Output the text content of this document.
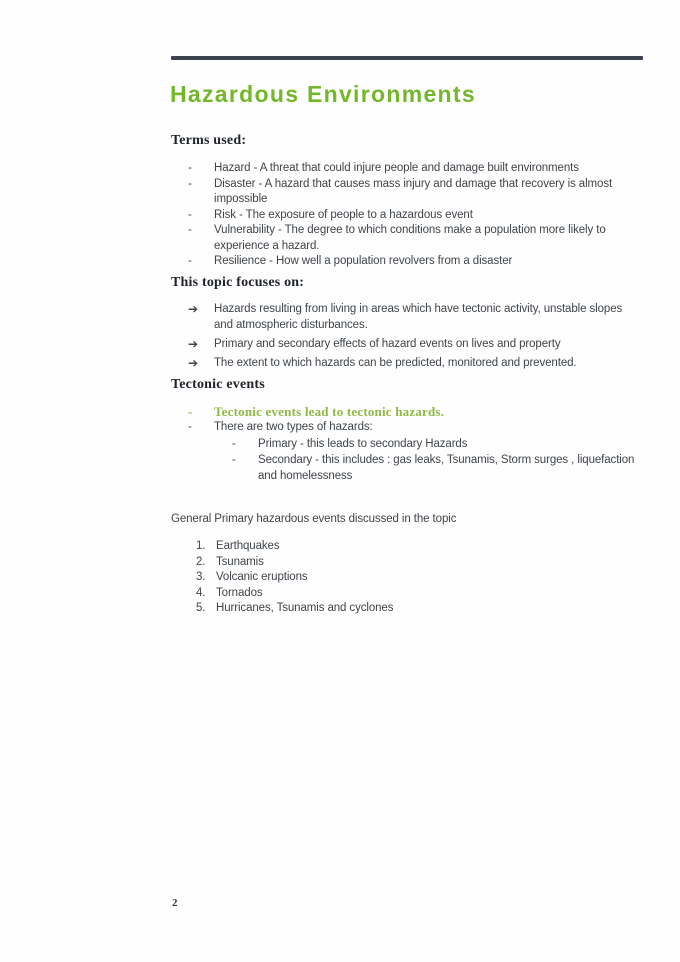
Hazardous Environments
Terms used:
-	Hazard - A threat that could injure people and damage built environments
-	Disaster - A hazard that causes mass injury and damage that recovery is almost impossible
-	Risk - The exposure of people to a hazardous event
-	Vulnerability - The degree to which conditions make a population more likely to experience a hazard.
-	Resilience - How well a population revolvers from a disaster
This topic focuses on:
➔	Hazards resulting from living in areas which have tectonic activity, unstable slopes and atmospheric disturbances.
➔	Primary and secondary effects of hazard events on lives and property
➔	The extent to which hazards can be predicted, monitored and prevented.
Tectonic events
-	Tectonic events lead to tectonic hazards.
-	There are two types of hazards:
-	Primary - this leads to secondary Hazards
-	Secondary - this includes : gas leaks, Tsunamis, Storm surges , liquefaction and homelessness

General Primary hazardous events discussed in the topic

1. Earthquakes
2. Tsunamis
3. Volcanic eruptions
4. Tornados
5. Hurricanes, Tsunamis and cyclones
2
